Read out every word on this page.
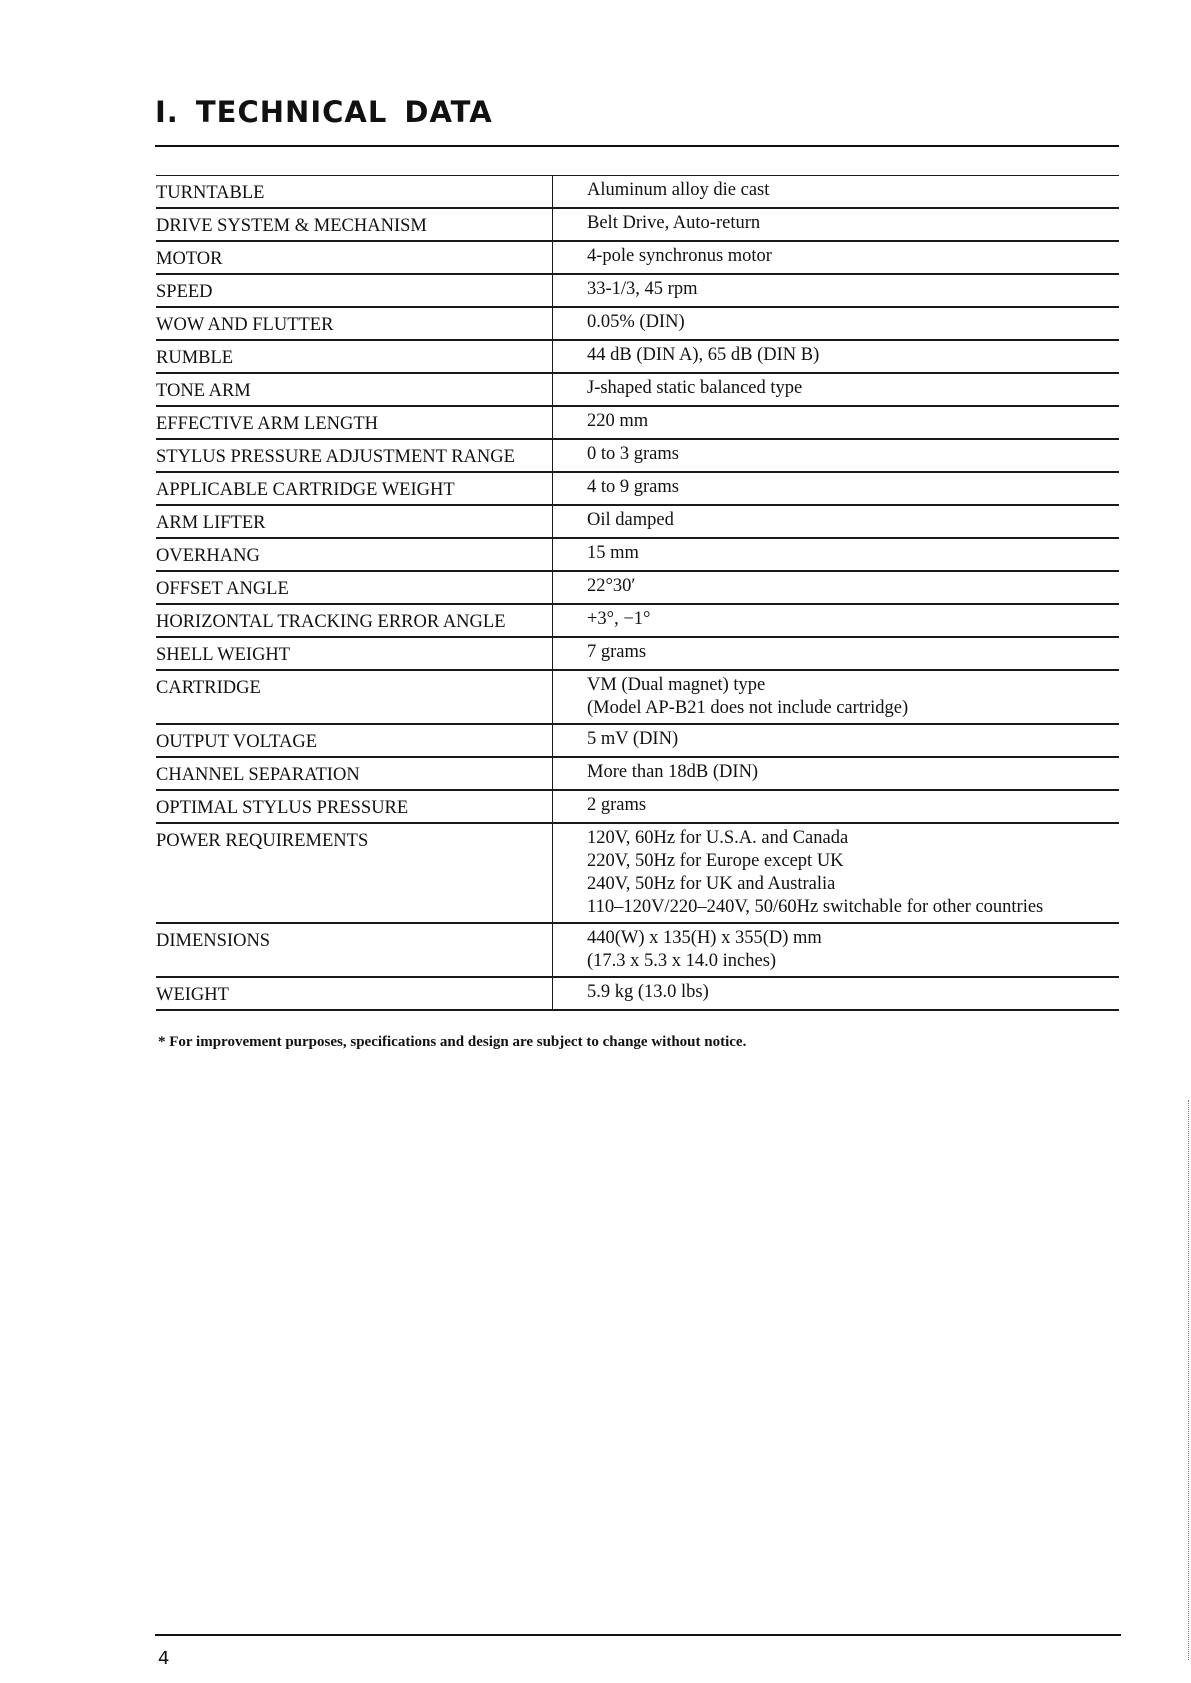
I. TECHNICAL DATA
TURNTABLE	Aluminum alloy die cast
DRIVE SYSTEM & MECHANISM	Belt Drive, Auto-return
MOTOR	4-pole synchronus motor
SPEED	33-1/3, 45 rpm
WOW AND FLUTTER	0.05% (DIN)
RUMBLE	44 dB (DIN A), 65 dB (DIN B)
TONE ARM	J-shaped static balanced type
EFFECTIVE ARM LENGTH	220 mm
STYLUS PRESSURE ADJUSTMENT RANGE	0 to 3 grams
APPLICABLE CARTRIDGE WEIGHT	4 to 9 grams
ARM LIFTER	Oil damped
OVERHANG	15 mm
OFFSET ANGLE	22°30′
HORIZONTAL TRACKING ERROR ANGLE	+3°, −1°
SHELL WEIGHT	7 grams
CARTRIDGE	VM (Dual magnet) type
(Model AP-B21 does not include cartridge)
OUTPUT VOLTAGE	5 mV (DIN)
CHANNEL SEPARATION	More than 18dB (DIN)
OPTIMAL STYLUS PRESSURE	2 grams
POWER REQUIREMENTS	120V, 60Hz for U.S.A. and Canada
220V, 50Hz for Europe except UK
240V, 50Hz for UK and Australia
110–120V/220–240V, 50/60Hz switchable for other countries
DIMENSIONS	440(W) x 135(H) x 355(D) mm
(17.3 x 5.3 x 14.0 inches)
WEIGHT	5.9 kg (13.0 lbs)
* For improvement purposes, specifications and design are subject to change without notice.
4
